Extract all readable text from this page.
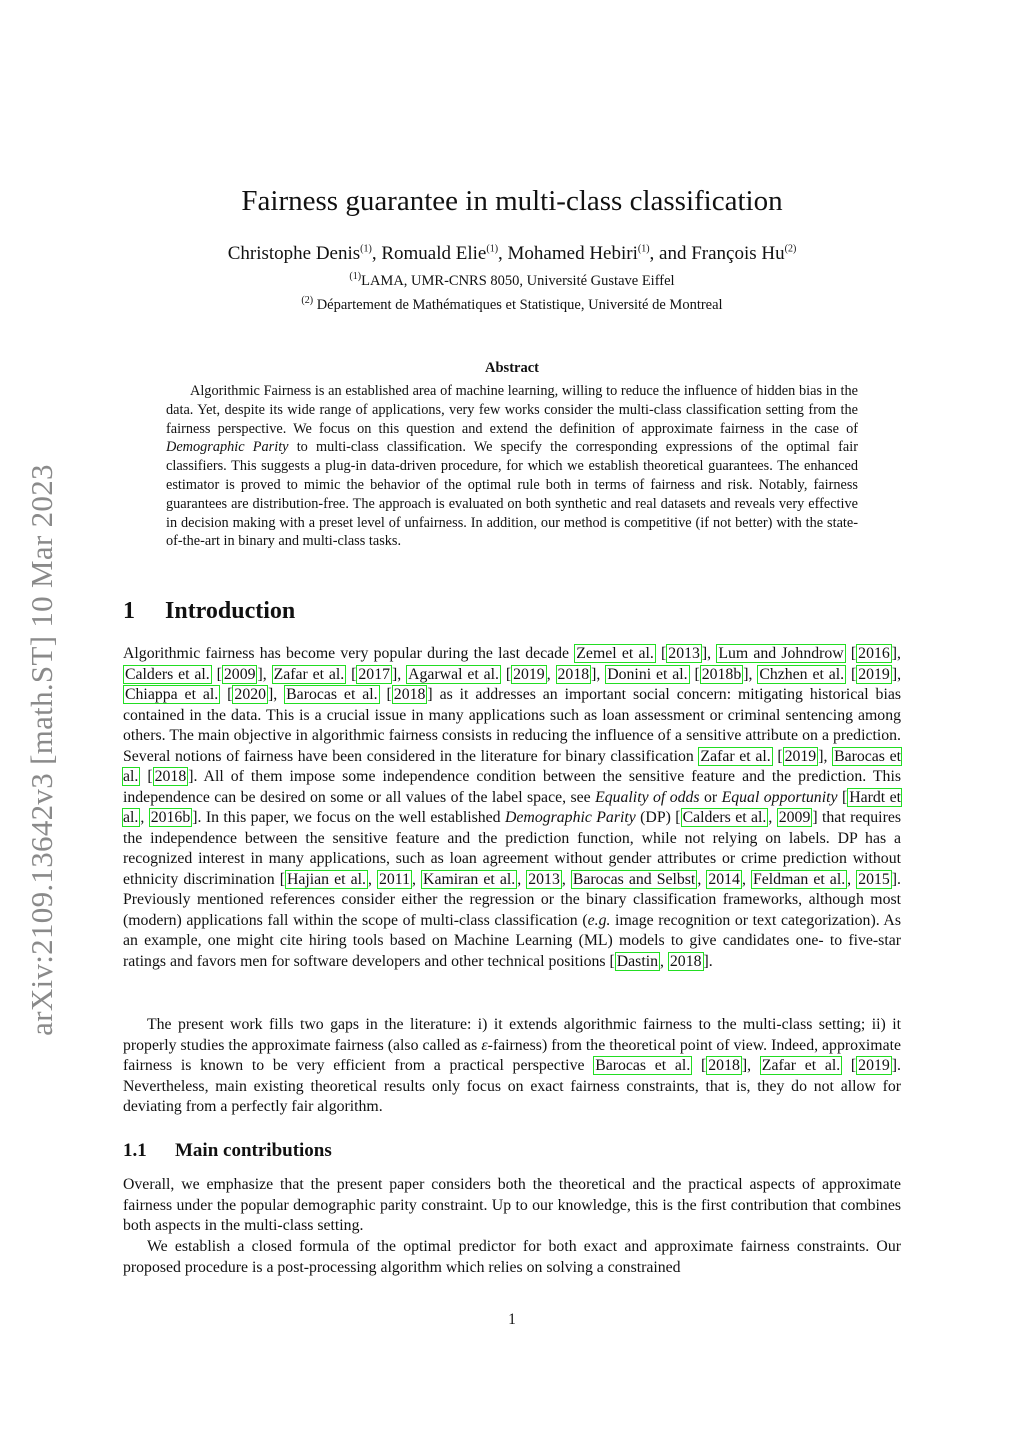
arXiv:2109.13642v3 [math.ST] 10 Mar 2023
Fairness guarantee in multi-class classification
Christophe Denis$^{(1)}$, Romuald Elie$^{(1)}$, Mohamed Hebiri$^{(1)}$, and François Hu$^{(2)}$
$^{(1)}$LAMA, UMR-CNRS 8050, Université Gustave Eiffel
$^{(2)}$ Département de Mathématiques et Statistique, Université de Montreal
Abstract

Algorithmic Fairness is an established area of machine learning, willing to reduce the influence of hidden bias in the data. Yet, despite its wide range of applications, very few works consider the multi-class classification setting from the fairness perspective. We focus on this question and extend the definition of approximate fairness in the case of Demographic Parity to multi-class classification. We specify the corresponding expressions of the optimal fair classifiers. This suggests a plug-in data-driven procedure, for which we establish theoretical guarantees. The enhanced estimator is proved to mimic the behavior of the optimal rule both in terms of fairness and risk. Notably, fairness guarantees are distribution-free. The approach is evaluated on both synthetic and real datasets and reveals very effective in decision making with a preset level of unfairness. In addition, our method is competitive (if not better) with the state-of-the-art in binary and multi-class tasks.

1 Introduction

Algorithmic fairness has become very popular during the last decade Zemel et al. [ 2013 ], Lum and Johndrow [ 2016 ], Calders et al. [ 2009 ], Zafar et al. [ 2017 ], Agarwal et al. [ 2019 , 2018 ], Donini et al. [ 2018b ], Chzhen et al. [ 2019 ], Chiappa et al. [ 2020 ], Barocas et al. [ 2018 ] as it addresses an important social concern: mitigating historical bias contained in the data. This is a crucial issue in many applications such as loan assessment or criminal sentencing among others. The main objective in algorithmic fairness consists in reducing the influence of a sensitive attribute on a prediction. Several notions of fairness have been considered in the literature for binary classification Zafar et al. [ 2019 ], Barocas et al. [ 2018 ]. All of them impose some independence condition between the sensitive feature and the prediction. This independence can be desired on some or all values of the label space, see Equality of odds or Equal opportunity [ Hardt et al. , 2016b ]. In this paper, we focus on the well established Demographic Parity (DP) [ Calders et al. , 2009 ] that requires the independence between the sensitive feature and the prediction function, while not relying on labels. DP has a recognized interest in many applications, such as loan agreement without gender attributes or crime prediction without ethnicity discrimination [ Hajian et al. , 2011 , Kamiran et al. , 2013 , Barocas and Selbst , 2014 , Feldman et al. , 2015 ]. Previously mentioned references consider either the regression or the binary classification frameworks, although most (modern) applications fall within the scope of multi-class classification (e.g. image recognition or text categorization). As an example, one might cite hiring tools based on Machine Learning (ML) models to give candidates one- to five-star ratings and favors men for software developers and other technical positions [ Dastin , 2018 ].

The present work fills two gaps in the literature: i) it extends algorithmic fairness to the multi-class setting; ii) it properly studies the approximate fairness (also called as ε-fairness) from the theoretical point of view. Indeed, approximate fairness is known to be very efficient from a practical perspective Barocas et al. [ 2018 ], Zafar et al. [ 2019 ]. Nevertheless, main existing theoretical results only focus on exact fairness constraints, that is, they do not allow for deviating from a perfectly fair algorithm.

1.1 Main contributions

Overall, we emphasize that the present paper considers both the theoretical and the practical aspects of approximate fairness under the popular demographic parity constraint. Up to our knowledge, this is the first contribution that combines both aspects in the multi-class setting.

We establish a closed formula of the optimal predictor for both exact and approximate fairness constraints. Our proposed procedure is a post-processing algorithm which relies on solving a constrained

1
